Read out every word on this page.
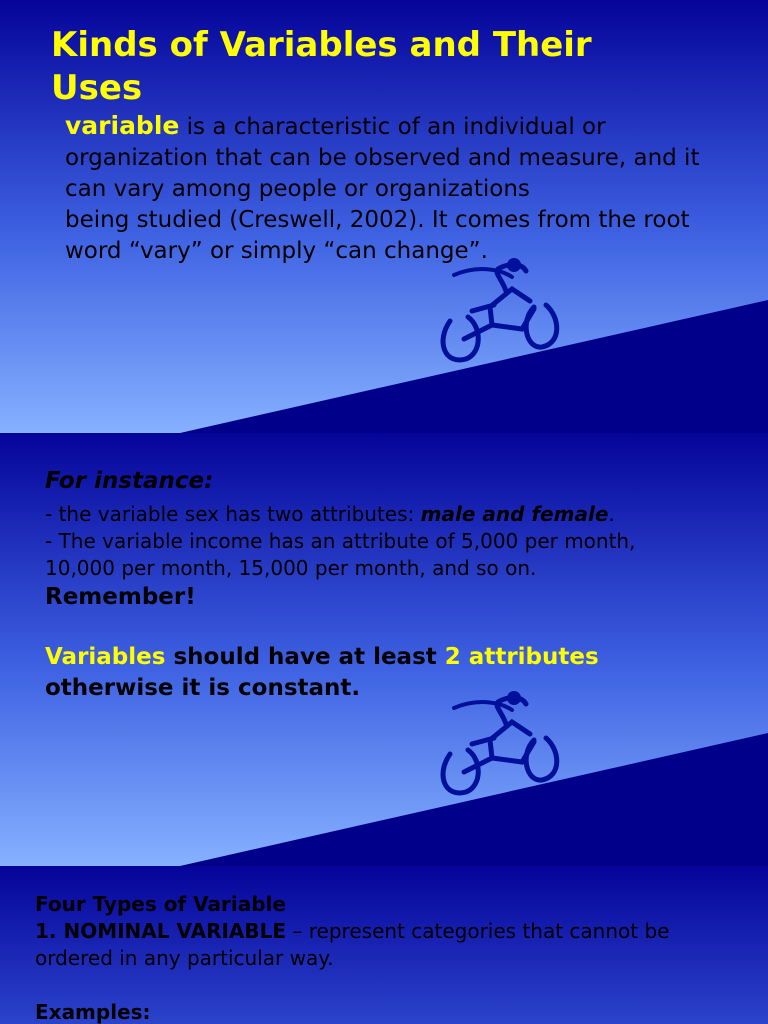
Kinds of Variables and Their Uses
variable is a characteristic of an individual or organization that can be observed and measure, and it can vary among people or organizations
being studied (Creswell, 2002). It comes from the root word “vary” or simply “can change”.

For instance:

- the variable sex has two attributes: male and female.

- The variable income has an attribute of 5,000 per month, 10,000 per month, 15,000 per month, and so on.

Remember!

Variables should have at least 2 attributes
otherwise it is constant.

Four Types of Variable

1. NOMINAL VARIABLE – represent categories that cannot be ordered in any particular way.

Examples:
